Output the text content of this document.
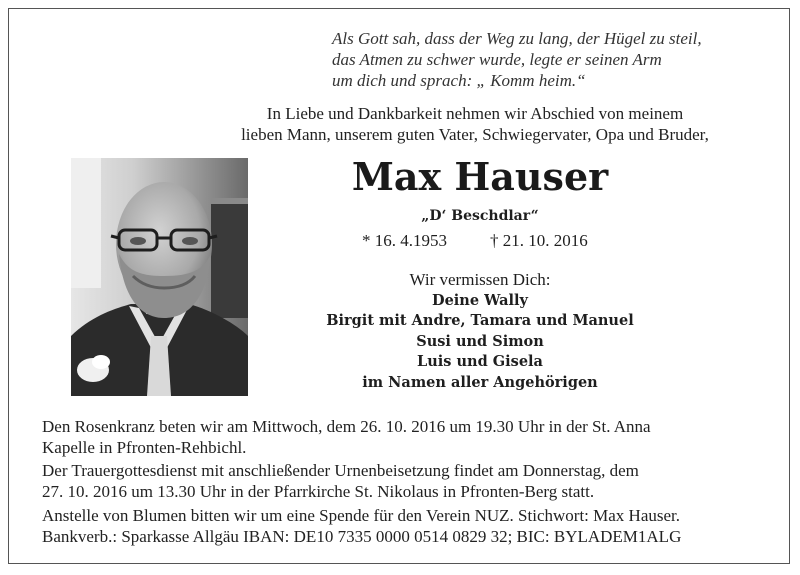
Als Gott sah, dass der Weg zu lang, der Hügel zu steil,
das Atmen zu schwer wurde, legte er seinen Arm
um dich und sprach: „ Komm heim.“
In Liebe und Dankbarkeit nehmen wir Abschied von meinem
lieben Mann, unserem guten Vater, Schwiegervater, Opa und Bruder,
Max Hauser
„D‘ Beschdlar“
* 16. 4.1953	† 21. 10. 2016
Wir vermissen Dich:
Deine Wally
Birgit mit Andre, Tamara und Manuel
Susi und Simon
Luis und Gisela
im Namen aller Angehörigen
Den Rosenkranz beten wir am Mittwoch, dem 26. 10. 2016 um 19.30 Uhr in der St. Anna
Kapelle in Pfronten-Rehbichl.
Der Trauergottesdienst mit anschließender Urnenbeisetzung findet am Donnerstag, dem
27. 10. 2016 um 13.30 Uhr in der Pfarrkirche St. Nikolaus in Pfronten-Berg statt.
Anstelle von Blumen bitten wir um eine Spende für den Verein NUZ. Stichwort: Max Hauser.
Bankverb.: Sparkasse Allgäu IBAN: DE10 7335 0000 0514 0829 32; BIC: BYLADEM1ALG
